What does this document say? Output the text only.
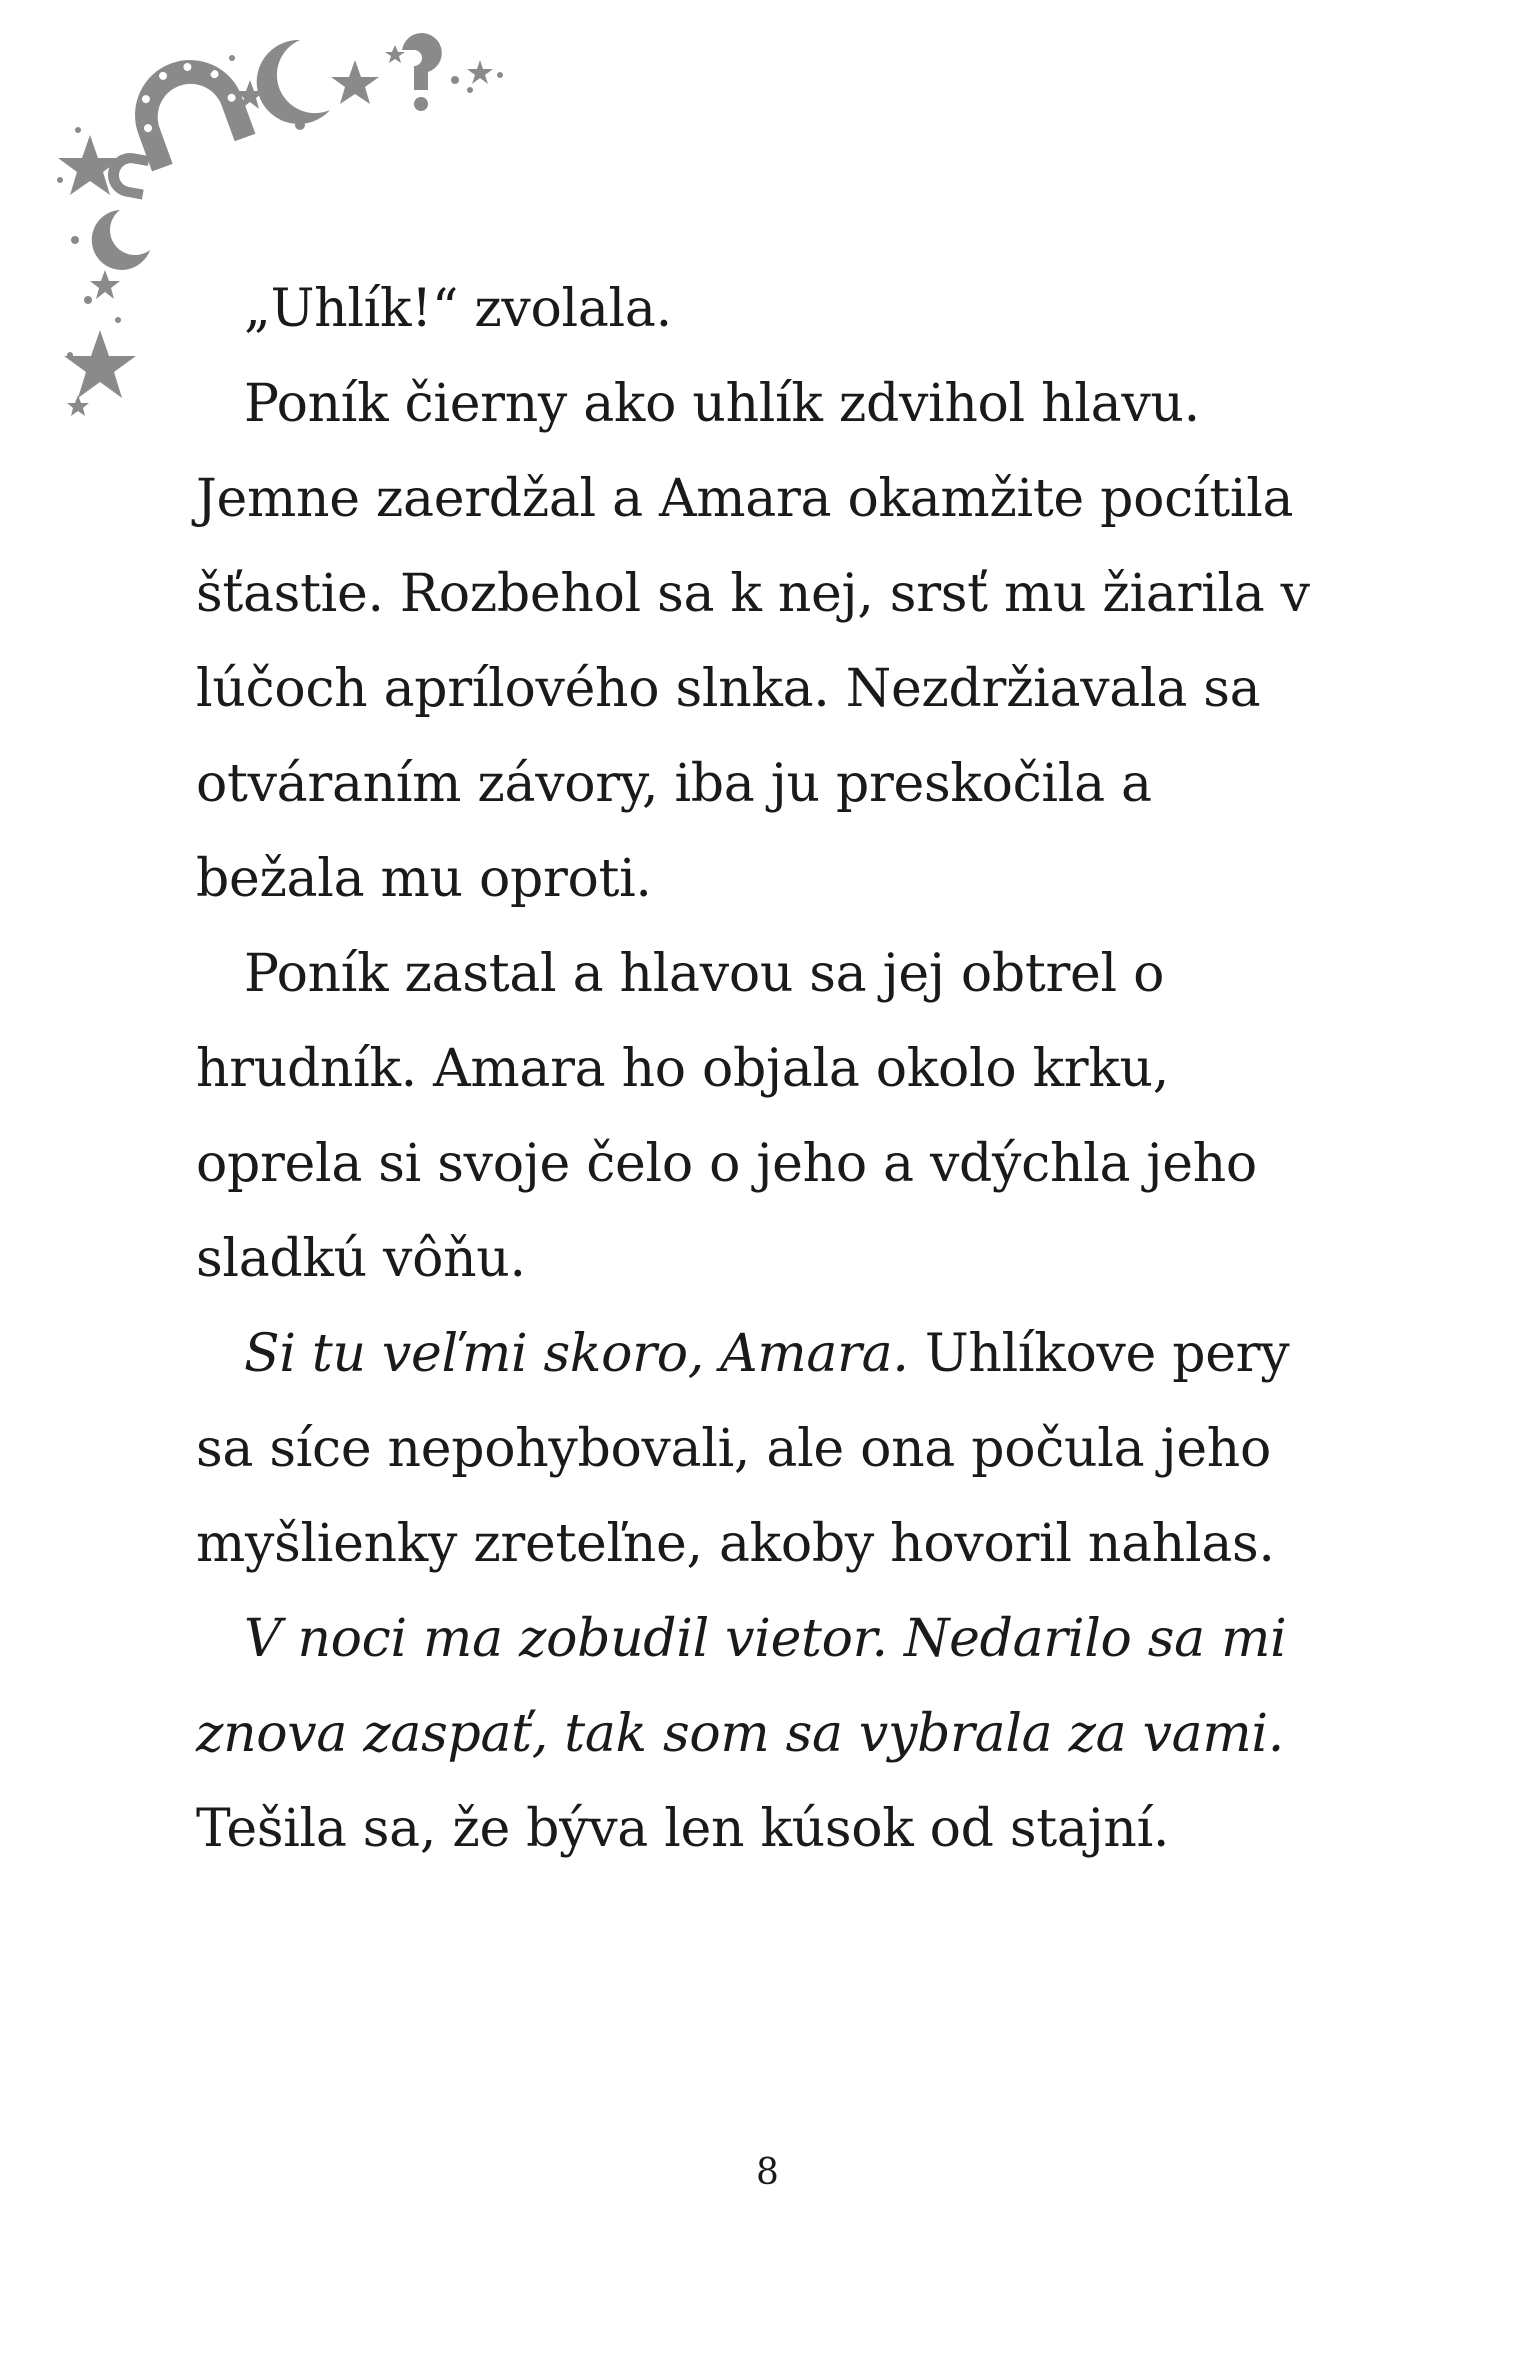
„Uhlík!“ zvolala.

Poník čierny ako uhlík zdvihol hlavu. Jemne zaerdžal a Amara okamžite pocítila šťastie. Rozbehol sa k nej, srsť mu žiarila v lúčoch aprílového slnka. Nezdržiavala sa otváraním závory, iba ju preskočila a bežala mu oproti.

Poník zastal a hlavou sa jej obtrel o hrudník. Amara ho objala okolo krku, oprela si svoje čelo o jeho a vdýchla jeho sladkú vôňu.

Si tu veľmi skoro, Amara. Uhlíkove pery sa síce nepohybovali, ale ona počula jeho myšlienky zreteľne, akoby hovoril nahlas.

V noci ma zobudil vietor. Nedarilo sa mi znova zaspať, tak som sa vybrala za vami. Tešila sa, že býva len kúsok od stajní.

8
